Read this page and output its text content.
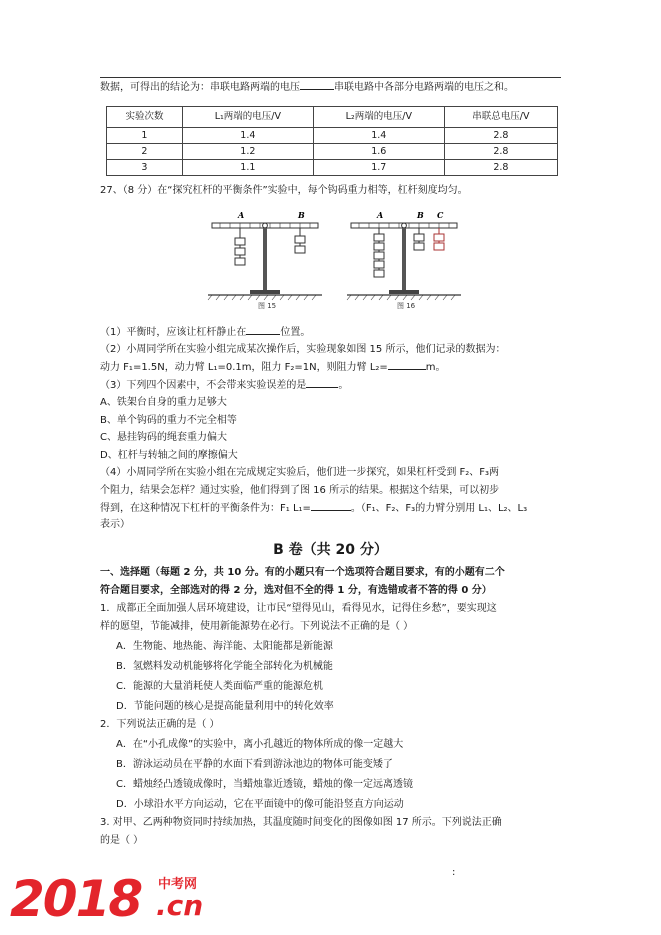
数据，可得出的结论为：串联电路两端的电压	串联电路中各部分电路两端的电压之和。
实验次数	L₁两端的电压/V	L₂两端的电压/V	串联总电压/V
1	1.4	1.4	2.8
2	1.2	1.6	2.8
3	1.1	1.7	2.8
27、（8 分）在“探究杠杆的平衡条件”实验中，每个钩码重力相等，杠杆刻度均匀。
A	B
图 15
A	B C
图 16
（1）平衡时，应该让杠杆静止在	位置。
（2）小周同学所在实验小组完成某次操作后，实验现象如图 15 所示，他们记录的数据为：
动力 F₁=1.5N，动力臂 L₁=0.1m，阻力 F₂=1N，则阻力臂 L₂=	m。
（3）下列四个因素中，不会带来实验误差的是	。
A、铁架台自身的重力足够大
B、单个钩码的重力不完全相等
C、悬挂钩码的绳套重力偏大
D、杠杆与转轴之间的摩擦偏大
（4）小周同学所在实验小组在完成规定实验后，他们进一步探究，如果杠杆受到 F₂、F₃两
个阻力，结果会怎样？通过实验，他们得到了图 16 所示的结果。根据这个结果，可以初步
得到，在这种情况下杠杆的平衡条件为：F₁ L₁=	。（F₁、F₂、F₃的力臂分别用 L₁、L₂、L₃
表示）
B 卷（共 20 分）
一、选择题（每题 2 分，共 10 分。有的小题只有一个选项符合题目要求，有的小题有二个
符合题目要求，全部选对的得 2 分，选对但不全的得 1 分，有选错或者不答的得 0 分）
1．成都正全面加强人居环境建设，让市民“望得见山，看得见水，记得住乡愁”，要实现这
样的愿望，节能减排，使用新能源势在必行。下列说法不正确的是（ ）
A．生物能、地热能、海洋能、太阳能都是新能源
B．氢燃料发动机能够将化学能全部转化为机械能
C．能源的大量消耗使人类面临严重的能源危机
D．节能问题的核心是提高能量利用中的转化效率
2．下列说法正确的是（ ）
A．在“小孔成像”的实验中，离小孔越近的物体所成的像一定越大
B．游泳运动员在平静的水面下看到游泳池边的物体可能变矮了
C．蜡烛经凸透镜成像时，当蜡烛靠近透镜，蜡烛的像一定远离透镜
D．小球沿水平方向运动，它在平面镜中的像可能沿竖直方向运动
3. 对甲、乙两种物资同时持续加热，其温度随时间变化的图像如图 17 所示。下列说法正确
的是（ ）
:
2018 中考网
.cn
